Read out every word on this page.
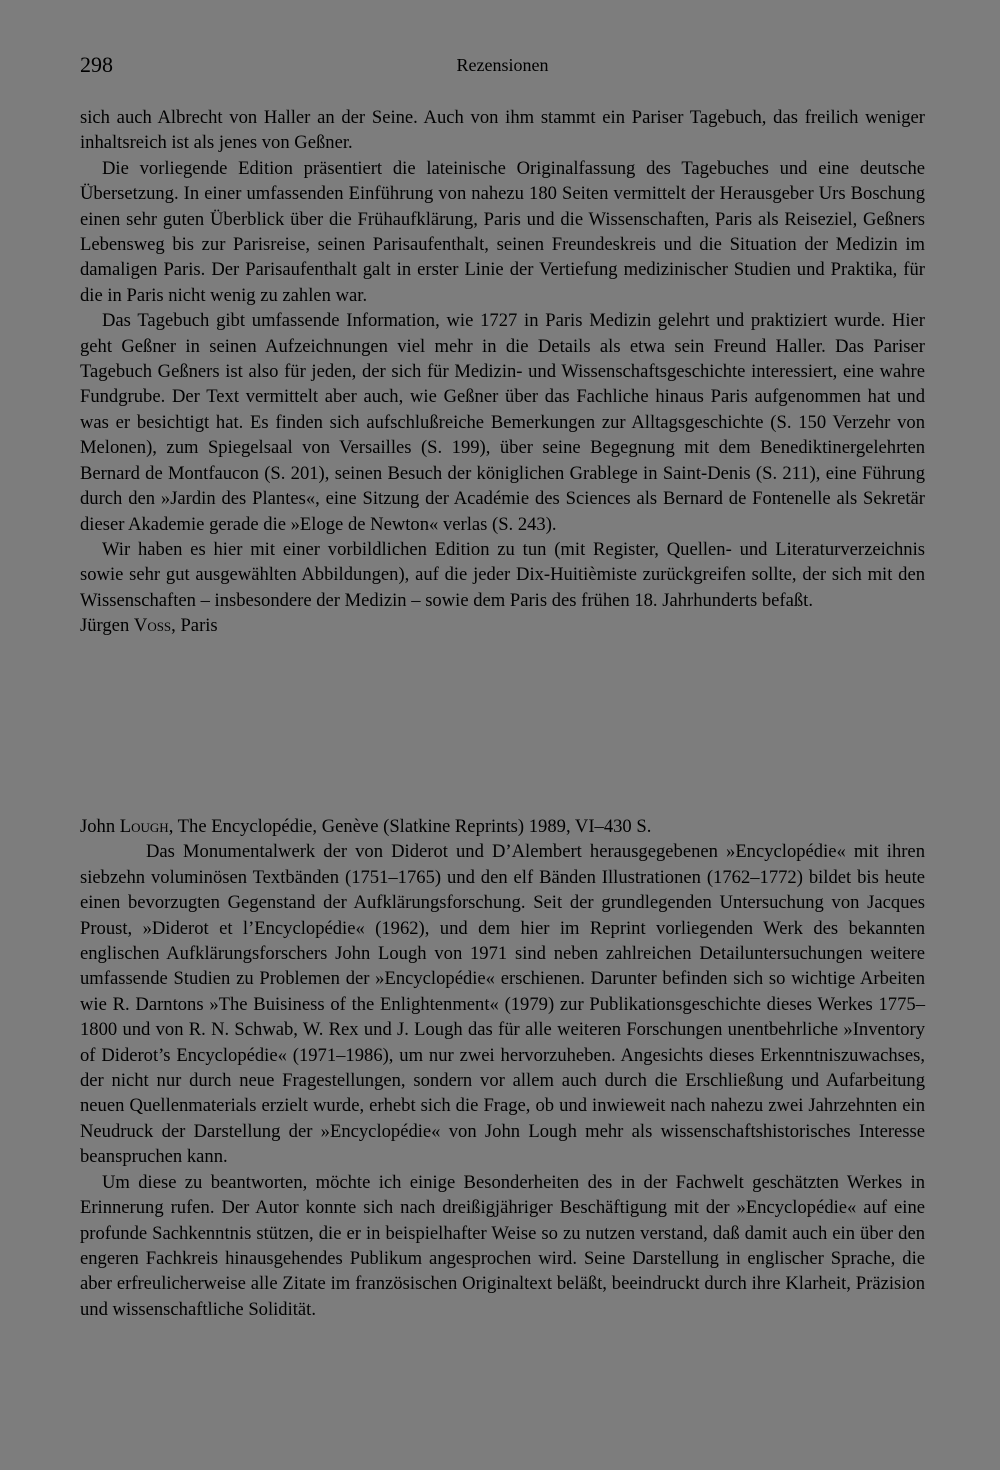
298	Rezensionen

sich auch Albrecht von Haller an der Seine. Auch von ihm stammt ein Pariser Tagebuch, das freilich weniger inhaltsreich ist als jenes von Geßner.

Die vorliegende Edition präsentiert die lateinische Originalfassung des Tagebuches und eine deutsche Übersetzung. In einer umfassenden Einführung von nahezu 180 Seiten vermittelt der Herausgeber Urs Boschung einen sehr guten Überblick über die Frühaufklärung, Paris und die Wissenschaften, Paris als Reiseziel, Geßners Lebensweg bis zur Parisreise, seinen Parisaufenthalt, seinen Freundeskreis und die Situation der Medizin im damaligen Paris. Der Parisaufenthalt galt in erster Linie der Vertiefung medizinischer Studien und Praktika, für die in Paris nicht wenig zu zahlen war.

Das Tagebuch gibt umfassende Information, wie 1727 in Paris Medizin gelehrt und praktiziert wurde. Hier geht Geßner in seinen Aufzeichnungen viel mehr in die Details als etwa sein Freund Haller. Das Pariser Tagebuch Geßners ist also für jeden, der sich für Medizin- und Wissenschaftsgeschichte interessiert, eine wahre Fundgrube. Der Text vermittelt aber auch, wie Geßner über das Fachliche hinaus Paris aufgenommen hat und was er besichtigt hat. Es finden sich aufschlußreiche Bemerkungen zur Alltagsgeschichte (S. 150 Verzehr von Melonen), zum Spiegelsaal von Versailles (S. 199), über seine Begegnung mit dem Benediktinergelehrten Bernard de Montfaucon (S. 201), seinen Besuch der königlichen Grablege in Saint-Denis (S. 211), eine Führung durch den »Jardin des Plantes«, eine Sitzung der Académie des Sciences als Bernard de Fontenelle als Sekretär dieser Akademie gerade die »Eloge de Newton« verlas (S. 243).

Wir haben es hier mit einer vorbildlichen Edition zu tun (mit Register, Quellen- und Literaturverzeichnis sowie sehr gut ausgewählten Abbildungen), auf die jeder Dix-Huitièmiste zurückgreifen sollte, der sich mit den Wissenschaften – insbesondere der Medizin – sowie dem Paris des frühen 18. Jahrhunderts befaßt.

Jürgen Voss, Paris

John Lough, The Encyclopédie, Genève (Slatkine Reprints) 1989, VI–430 S.

Das Monumentalwerk der von Diderot und D’Alembert herausgegebenen »Encyclopédie« mit ihren siebzehn voluminösen Textbänden (1751–1765) und den elf Bänden Illustrationen (1762–1772) bildet bis heute einen bevorzugten Gegenstand der Aufklärungsforschung. Seit der grundlegenden Untersuchung von Jacques Proust, »Diderot et l’Encyclopédie« (1962), und dem hier im Reprint vorliegenden Werk des bekannten englischen Aufklärungsforschers John Lough von 1971 sind neben zahlreichen Detailuntersuchungen weitere umfassende Studien zu Problemen der »Encyclopédie« erschienen. Darunter befinden sich so wichtige Arbeiten wie R. Darntons »The Buisiness of the Enlightenment« (1979) zur Publikationsgeschichte dieses Werkes 1775–1800 und von R. N. Schwab, W. Rex und J. Lough das für alle weiteren Forschungen unentbehrliche »Inventory of Diderot’s Encyclopédie« (1971–1986), um nur zwei hervorzuheben. Angesichts dieses Erkenntniszuwachses, der nicht nur durch neue Fragestellungen, sondern vor allem auch durch die Erschließung und Aufarbeitung neuen Quellenmaterials erzielt wurde, erhebt sich die Frage, ob und inwieweit nach nahezu zwei Jahrzehnten ein Neudruck der Darstellung der »Encyclopédie« von John Lough mehr als wissenschaftshistorisches Interesse beanspruchen kann.

Um diese zu beantworten, möchte ich einige Besonderheiten des in der Fachwelt geschätzten Werkes in Erinnerung rufen. Der Autor konnte sich nach dreißigjähriger Beschäftigung mit der »Encyclopédie« auf eine profunde Sachkenntnis stützen, die er in beispielhafter Weise so zu nutzen verstand, daß damit auch ein über den engeren Fachkreis hinausgehendes Publikum angesprochen wird. Seine Darstellung in englischer Sprache, die aber erfreulicherweise alle Zitate im französischen Originaltext beläßt, beeindruckt durch ihre Klarheit, Präzision und wissenschaftliche Solidität.
